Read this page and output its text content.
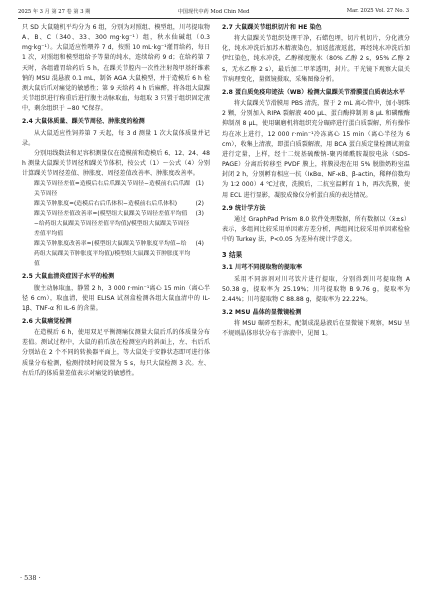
2025 年 3 月 第 27 卷 第 3 期	中国现代中药 Mod Chin Med	Mar. 2025 Vol. 27 No. 3

只 SD 大鼠随机平均分为 6 组，分别为对照组、模型组，川芎提取物 A、B、C（340、33、300 mg·kg⁻¹）组，秋水仙碱组（0.3 mg·kg⁻¹）。大鼠适应性喂养 7 d，按照 10 mL·kg⁻¹灌胃给药，每日 1 次，对照组和模型组给予等量的纯水，连续给药 9 d；在给药第 7 天时，各组灌胃给药后 5 h，在踝关节腔内一次性注射羧甲基纤维素钠的 MSU 混悬液 0.1 mL，制备 AGA 大鼠模型，并于造模后 6 h 检测大鼠后爪对痛觉的敏感性；第 9 天给药 4 h 后麻醉，将各组大鼠踝关节组织进行称重后进行腹主动脉取血，每组取 3 只置于组织固定液中，剩余组织于 −80 ℃保存。

2.4 大鼠体质量、踝关节周径、肿胀度的检测

从大鼠适应性饲养第 7 天起，每 3 d 测量 1 次大鼠体质量并记录。

分别用线数法和足容积测量仪在造模前和造模后 6、12、24、48 h 测量大鼠踝关节周径和踝关节体积，按公式（1）～公式（4）分别计算踝关节周径差值、肿胀度、周径差值改善率、肿胀度改善率。

踝关节周径差值=造模后右后爪踝关节周径−造模前右后爪踝关节周径
(1)
踝关节肿胀度=(造模后右后爪体积−造模前右后爪体积)	(2)
踝关节周径差值改善率=(模型组大鼠踝关节周径差值平均值−给药组大鼠踝关节周径差值平均值)/模型组大鼠踝关节周径差值平均值
(3)
踝关节肿胀度改善率=(模型组大鼠踝关节肿胀度平均值−给药组大鼠踝关节肿胀度平均值)/模型组大鼠踝关节肿胀度平均值
(4)
2.5 大鼠血清炎症因子水平的检测

腹主动脉取血，静置 2 h，3 000 r·min⁻¹离心 15 min（离心半径 6 cm），取血清，使用 ELISA 试剂盒检测各组大鼠血清中的 IL-1β、TNF-α 和 IL-6 的含量。

2.6 大鼠痛觉检测

在造模后 6 h，使用双足平衡测痛仪测量大鼠后爪的体质量分布差值。测试过程中，大鼠的前爪放在检测室内的斜面上，左、右后爪分别站在 2 个不同的转换器平面上，等大鼠处于安静状态即可进行体质量分布检测，检测持续时间设置为 5 s，每只大鼠检测 3 次。左、右后爪的体质量差值表示对痛觉的敏感性。

2.7 大鼠踝关节组织切片和 HE 染色

将大鼠踝关节组织处理干净，石蜡包埋，切片机切片，分化液分化，纯水冲洗后加苏木精液染色，加返蓝液返蓝，再经纯水冲洗后加伊红染色，纯水冲洗，乙醇梯度脱水（80% 乙醇 2 s，95% 乙醇 2 s，无水乙醇 2 s），最后加二甲苯透明，封片。干光镜下观察大鼠关节病理变化，量微镜摄取，采集图像分析。

2.8 蛋白质免疫印迹法（WB）检测大鼠踝关节滑膜蛋白质表达水平

将大鼠踝关节滑膜用 PBS 清洗，置于 2 mL 离心管中，加小钢珠 2 颗，分别加入 RIPA 裂解液 400 μL、蛋白酶抑制剂 8 μL 和磷酸酶抑制剂 8 μL，使用碾磨机将组织充分碾碎进行蛋白质裂解，所有操作均在冰上进行，12 000 r·min⁻¹冷冻离心 15 min（离心半径为 6 cm），收集上清液，即蛋白质裂解液，用 BCA 蛋白质定量检测试剂盒进行定量，上样，经十二烷基硫酸钠-聚丙烯酰胺凝胶电泳（SDS-PAGE）分离后转移至 PVDF 膜上，将膜浸泡在用 5% 脱脂奶粉室温封闭 2 h，分别孵育相应一抗（IκBα、NF-κB、β-actin，稀释倍数均为 1∶2 000）4 ℃过夜，洗膜后，二抗室温孵育 1 h，再次洗膜，使用 ECL 进行显影，凝胶成像仪分析蛋白质的表达情况。

2.9 统计学方法

通过 GraphPad Prism 8.0 软件处理数据，所有数据以（x̄±s）表示，多组间比较采用单因素方差分析，两组间比较采用单因素检验中的 Turkey 法，P<0.05 为差异有统计学意义。

3 结果
3.1 川芎不同提取物的提取率

采用不同溶剂对川芎饮片进行提取，分别得到川芎提取物 A 50.38 g，提取率为 25.19%；川芎提取物 B 9.76 g，提取率为 2.44%；川芎提取物 C 88.88 g，提取率为 22.22%。

3.2 MSU 晶体的显微镜检测

将 MSU 碾碎至粉末，配制成混悬液后在显微镜下观察，MSU 呈不规则晶体形状分布于溶液中，见图 1。

· 538 ·
